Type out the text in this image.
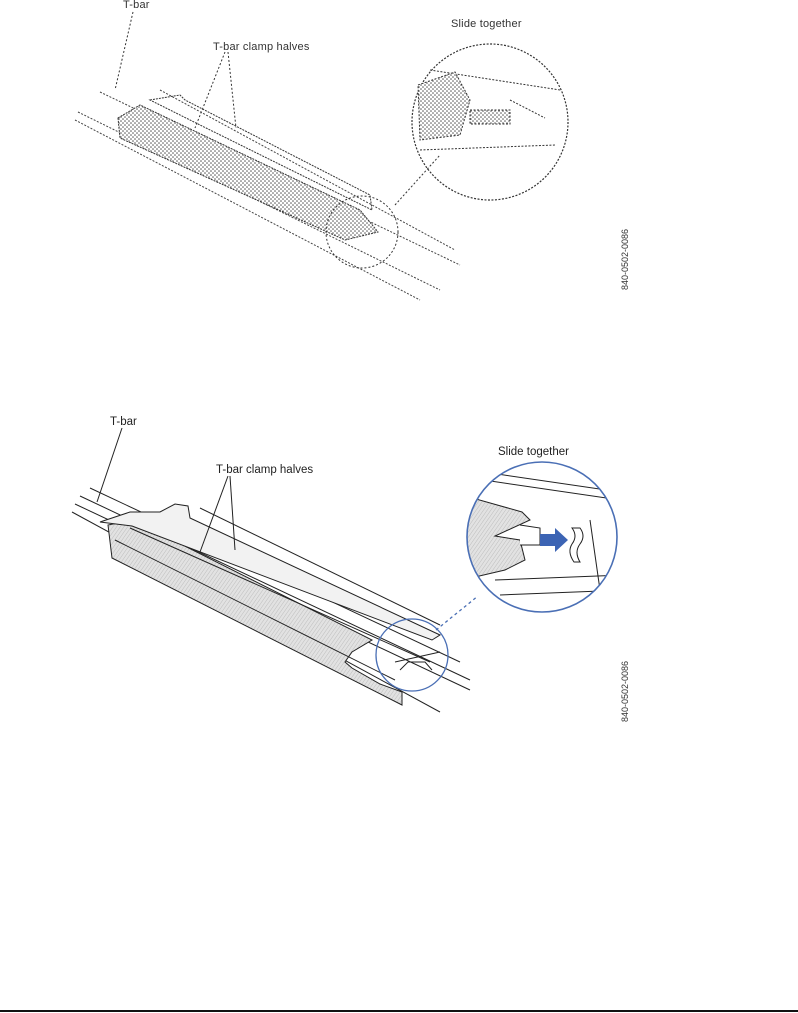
T-bar
T-bar clamp halves
Slide together
840-0502-0086
T-bar
T-bar clamp halves
Slide together
840-0502-0086
